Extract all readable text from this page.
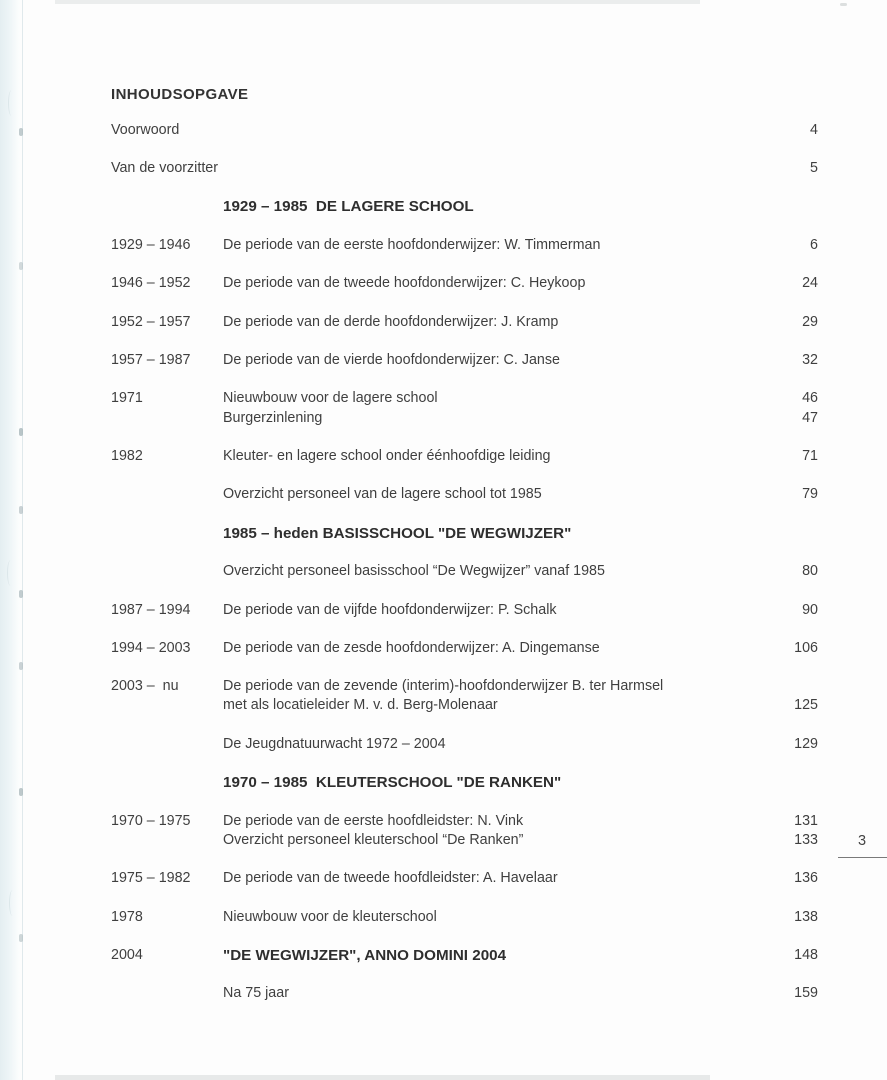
INHOUDSOPGAVE
Voorwoord	4
Van de voorzitter	5
1929 – 1985  DE LAGERE SCHOOL
1929 – 1946	De periode van de eerste hoofdonderwijzer: W. Timmerman	6
1946 – 1952	De periode van de tweede hoofdonderwijzer: C. Heykoop	24
1952 – 1957	De periode van de derde hoofdonderwijzer: J. Kramp	29
1957 – 1987	De periode van de vierde hoofdonderwijzer: C. Janse	32
1971	Nieuwbouw voor de lagere school	46
Burgerzinlening	47
1982	Kleuter- en lagere school onder éénhoofdige leiding	71
Overzicht personeel van de lagere school tot 1985	79
1985 – heden BASISSCHOOL "DE WEGWIJZER"
Overzicht personeel basisschool “De Wegwijzer” vanaf 1985	80
1987 – 1994	De periode van de vijfde hoofdonderwijzer: P. Schalk	90
1994 – 2003	De periode van de zesde hoofdonderwijzer: A. Dingemanse	106
2003 –  nu	De periode van de zevende (interim)-hoofdonderwijzer B. ter Harmsel
met als locatieleider M. v. d. Berg-Molenaar	125
De Jeugdnatuurwacht 1972 – 2004	129
1970 – 1985  KLEUTERSCHOOL "DE RANKEN"
1970 – 1975	De periode van de eerste hoofdleidster: N. Vink	131
Overzicht personeel kleuterschool “De Ranken”	133
1975 – 1982	De periode van de tweede hoofdleidster: A. Havelaar	136
1978	Nieuwbouw voor de kleuterschool	138
2004	"DE WEGWIJZER", ANNO DOMINI 2004	148
Na 75 jaar	159
3
